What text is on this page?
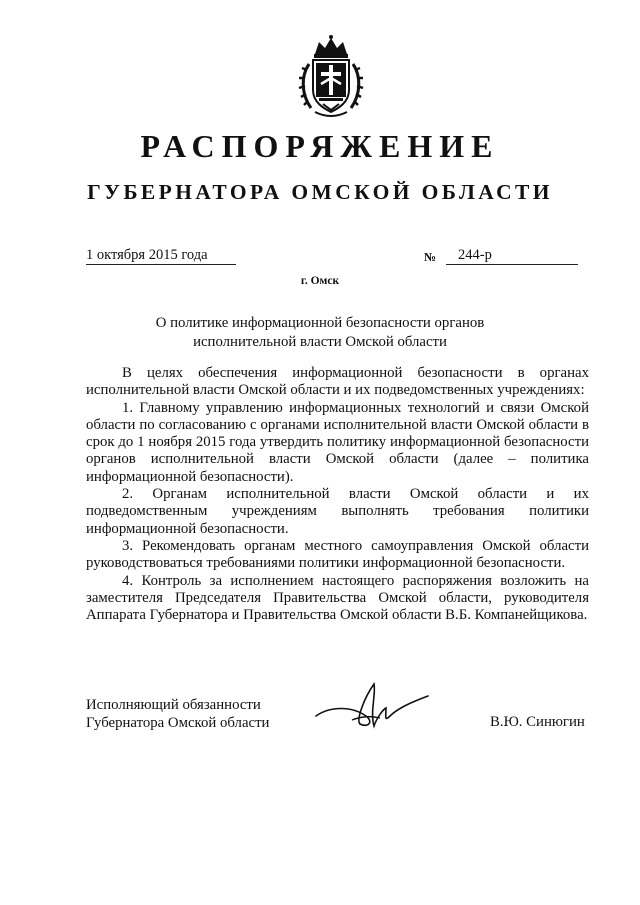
РАСПОРЯЖЕНИЕ
ГУБЕРНАТОРА ОМСКОЙ ОБЛАСТИ
1 октября 2015 года	№	244-р
г. Омск
О политике информационной безопасности органов
исполнительной власти Омской области

В целях обеспечения информационной безопасности в органах исполнительной власти Омской области и их подведомственных учреждениях:

1. Главному управлению информационных технологий и связи Омской области по согласованию с органами исполнительной власти Омской области в срок до 1 ноября 2015 года утвердить политику информационной безопасности органов исполнительной власти Омской области (далее – политика информационной безопасности).

2. Органам исполнительной власти Омской области и их подведомственным учреждениям выполнять требования политики информационной безопасности.

3. Рекомендовать органам местного самоуправления Омской области руководствоваться требованиями политики информационной безопасности.

4. Контроль за исполнением настоящего распоряжения возложить на заместителя Председателя Правительства Омской области, руководителя Аппарата Губернатора и Правительства Омской области В.Б. Компанейщикова.

Исполняющий обязанности
Губернатора Омской области	В.Ю. Синюгин
